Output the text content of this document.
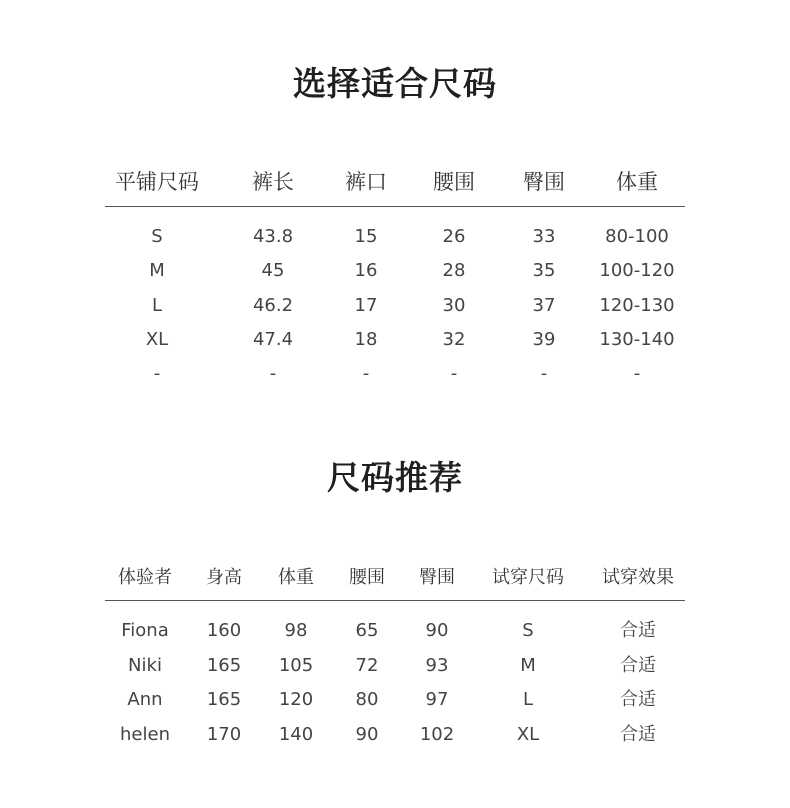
选择适合尺码
平铺尺码	裤长 裤口 腰围 臀围 体重
S	43.8	15	26	33	80-100
M	45	16	28	35 100-120
L	46.2	17	30	37 120-130
XL	47.4	18	32	39 130-140
-	-	-	-	-	-
尺码推荐
体验者 身高 体重 腰围 臀围 试穿尺码 试穿效果
Fiona 160 98	65	90	S	合适
Niki 165 105 72	93	M	合适
Ann 165 120 80	97	L	合适
helen 170 140 90 102	XL	合适
